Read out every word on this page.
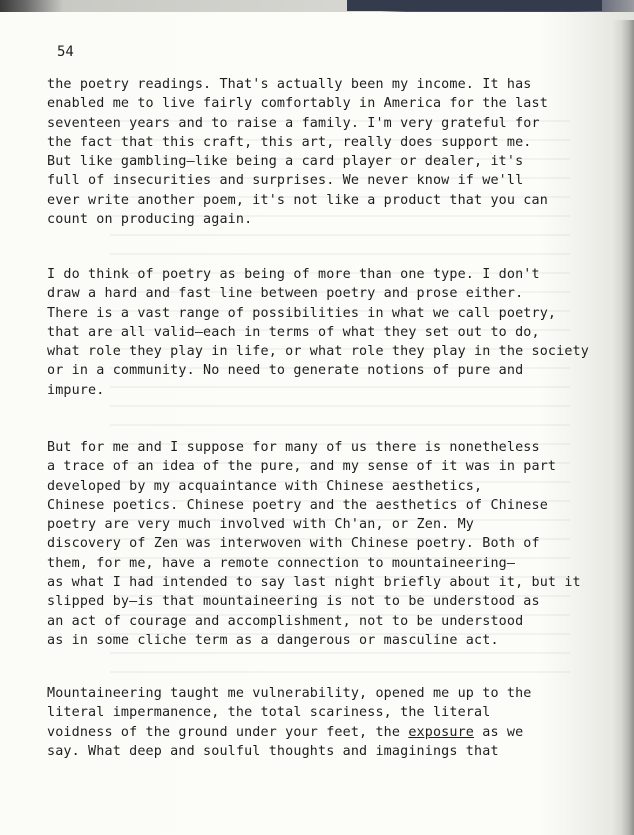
54
the poetry readings. That's actually been my income. It has
enabled me to live fairly comfortably in America for the last
seventeen years and to raise a family. I'm very grateful for
the fact that this craft, this art, really does support me.
But like gambling—like being a card player or dealer, it's
full of insecurities and surprises. We never know if we'll
ever write another poem, it's not like a product that you can
count on producing again.
I do think of poetry as being of more than one type. I don't
draw a hard and fast line between poetry and prose either.
There is a vast range of possibilities in what we call poetry,
that are all valid—each in terms of what they set out to do,
what role they play in life, or what role they play in the society
or in a community. No need to generate notions of pure and
impure.
But for me and I suppose for many of us there is nonetheless
a trace of an idea of the pure, and my sense of it was in part
developed by my acquaintance with Chinese aesthetics,
Chinese poetics. Chinese poetry and the aesthetics of Chinese
poetry are very much involved with Ch'an, or Zen. My
discovery of Zen was interwoven with Chinese poetry. Both of
them, for me, have a remote connection to mountaineering—
as what I had intended to say last night briefly about it, but it
slipped by—is that mountaineering is not to be understood as
an act of courage and accomplishment, not to be understood
as in some cliche term as a dangerous or masculine act.
Mountaineering taught me vulnerability, opened me up to the
literal impermanence, the total scariness, the literal
voidness of the ground under your feet, the exposure as we
say. What deep and soulful thoughts and imaginings that
